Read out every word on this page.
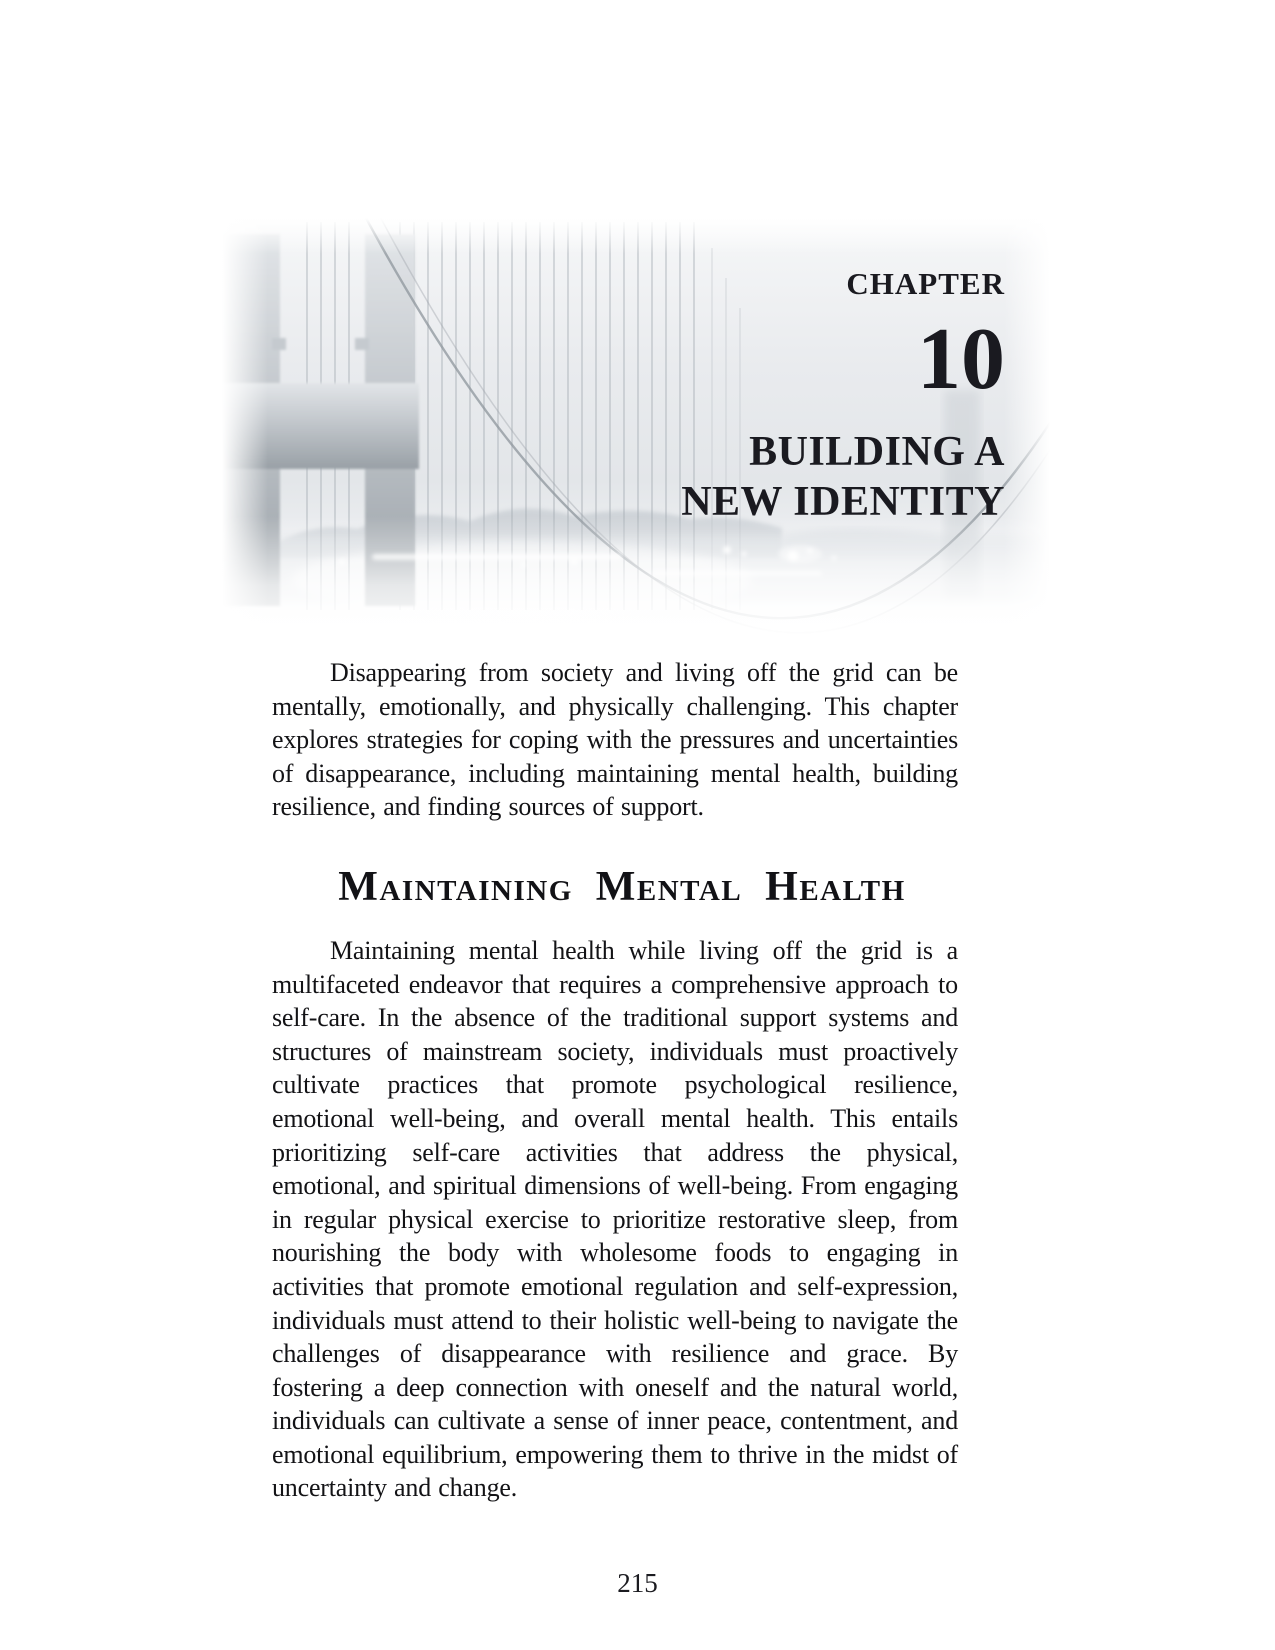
CHAPTER
10
BUILDING A
NEW IDENTITY

Disappearing from society and living off the grid can be mentally, emotionally, and physically challenging. This chapter explores strategies for coping with the pressures and uncertainties of disappearance, including maintaining mental health, building resilience, and finding sources of support.

Maintaining Mental Health

Maintaining mental health while living off the grid is a multifaceted endeavor that requires a comprehensive approach to self-care. In the absence of the traditional support systems and structures of mainstream society, individuals must proactively cultivate practices that promote psychological resilience, emotional well-being, and overall mental health. This entails prioritizing self-care activities that address the physical, emotional, and spiritual dimensions of well-being. From engaging in regular physical exercise to prioritize restorative sleep, from nourishing the body with wholesome foods to engaging in activities that promote emotional regulation and self-expression, individuals must attend to their holistic well-being to navigate the challenges of disappearance with resilience and grace. By fostering a deep connection with oneself and the natural world, individuals can cultivate a sense of inner peace, contentment, and emotional equilibrium, empowering them to thrive in the midst of uncertainty and change.

215
